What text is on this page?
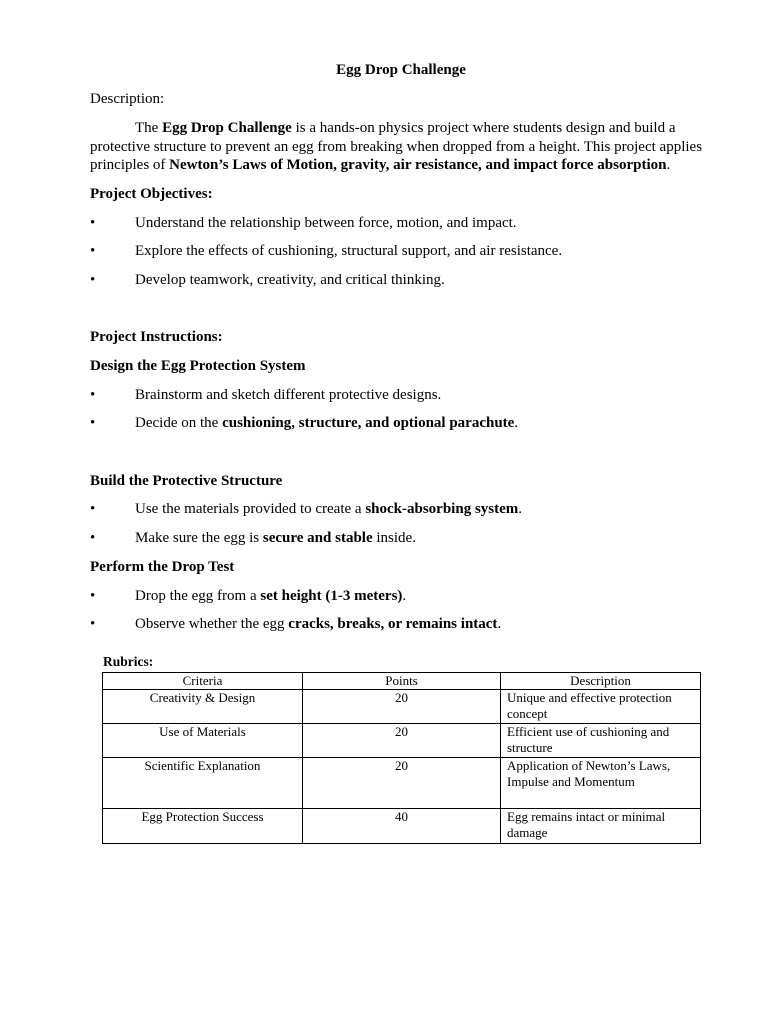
Egg Drop Challenge
Description:
The Egg Drop Challenge is a hands-on physics project where students design and build a
protective structure to prevent an egg from breaking when dropped from a height. This project applies
principles of Newton’s Laws of Motion, gravity, air resistance, and impact force absorption.
Project Objectives:
•	Understand the relationship between force, motion, and impact.
•	Explore the effects of cushioning, structural support, and air resistance.
•	Develop teamwork, creativity, and critical thinking.
Project Instructions:
Design the Egg Protection System
•	Brainstorm and sketch different protective designs.
•	Decide on the cushioning, structure, and optional parachute.
Build the Protective Structure
•	Use the materials provided to create a shock-absorbing system.
•	Make sure the egg is secure and stable inside.
Perform the Drop Test
•	Drop the egg from a set height (1-3 meters).
•	Observe whether the egg cracks, breaks, or remains intact.
Rubrics:
Criteria	Points	Description
Creativity & Design	20	Unique and effective protection concept
Use of Materials	20	Efficient use of cushioning and structure
Scientific Explanation	20	Application of Newton’s Laws, Impulse and Momentum
Egg Protection Success	40	Egg remains intact or minimal damage
